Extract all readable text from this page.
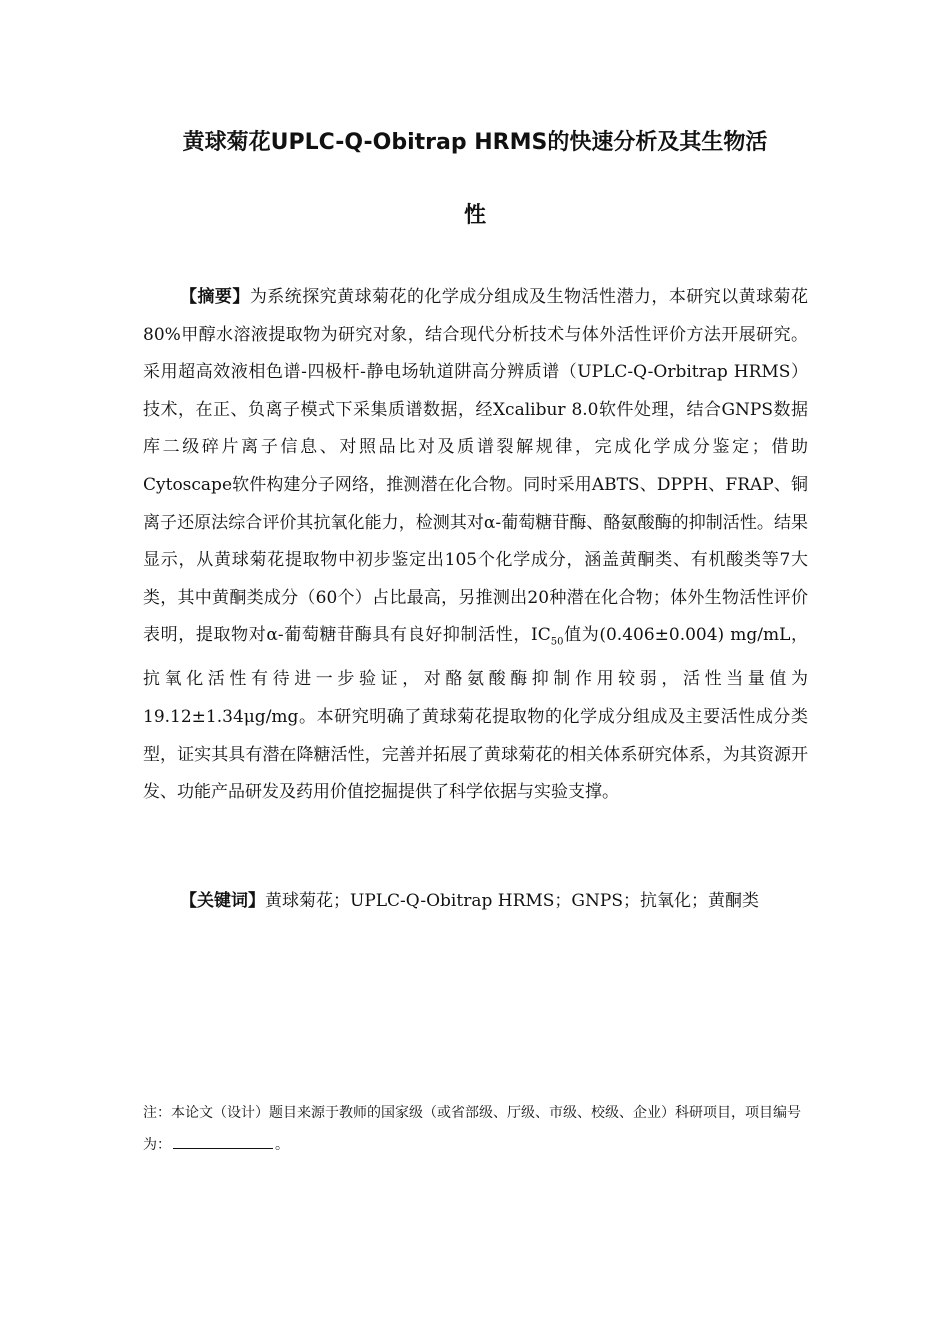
黄球菊花UPLC-Q-Obitrap HRMS的快速分析及其生物活
性

【摘要】为系统探究黄球菊花的化学成分组成及生物活性潜力，本研究以黄球菊花80%甲醇水溶液提取物为研究对象，结合现代分析技术与体外活性评价方法开展研究。采用超高效液相色谱-四极杆-静电场轨道阱高分辨质谱（UPLC-Q-Orbitrap HRMS）技术，在正、负离子模式下采集质谱数据，经Xcalibur 8.0软件处理，结合GNPS数据库二级碎片离子信息、对照品比对及质谱裂解规律，完成化学成分鉴定；借助Cytoscape软件构建分子网络，推测潜在化合物。同时采用ABTS、DPPH、FRAP、铜离子还原法综合评价其抗氧化能力，检测其对α-葡萄糖苷酶、酪氨酸酶的抑制活性。结果显示，从黄球菊花提取物中初步鉴定出105个化学成分，涵盖黄酮类、有机酸类等7大类，其中黄酮类成分（60个）占比最高，另推测出20种潜在化合物；体外生物活性评价表明，提取物对α-葡萄糖苷酶具有良好抑制活性，$IC_{50}$值为(0.406±0.004) mg/mL，抗氧化活性有待进一步验证，对酪氨酸酶抑制作用较弱，活性当量值为19.12±1.34μg/mg。本研究明确了黄球菊花提取物的化学成分组成及主要活性成分类型，证实其具有潜在降糖活性，完善并拓展了黄球菊花的相关体系研究体系，为其资源开发、功能产品研发及药用价值挖掘提供了科学依据与实验支撑。

【关键词】黄球菊花；UPLC-Q-Obitrap HRMS；GNPS；抗氧化；黄酮类

注：本论文（设计）题目来源于教师的国家级（或省部级、厅级、市级、校级、企业）科研项目，项目编号为：	。
